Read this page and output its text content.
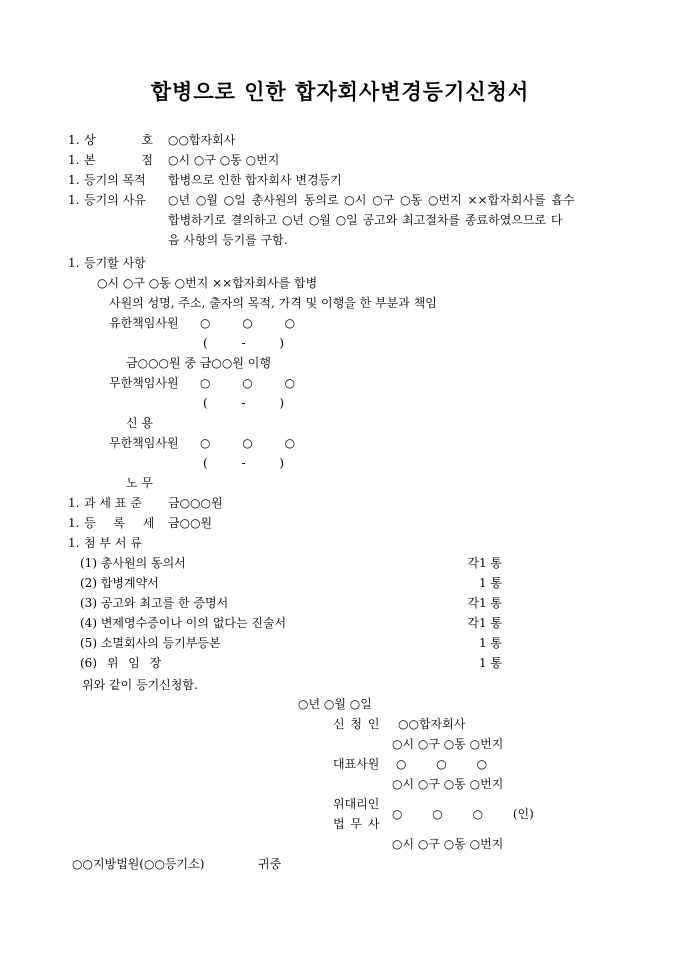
합병으로 인한 합자회사변경등기신청서
1. 상 호 ○○합자회사
1. 본 점 ○시 ○구 ○동 ○번지
1. 등기의 목적 합병으로 인한 합자회사 변경등기
1. 등기의 사유 ○년 ○월 ○일 총사원의 동의로 ○시 ○구 ○동 ○번지 ××합자회사를 흡수
합병하기로 결의하고 ○년 ○월 ○일 공고와 최고절차를 종료하였으므로 다
음 사항의 등기를 구함.
1. 등기할 사항
○시 ○구 ○동 ○번지 ××합자회사를 합병
사원의 성명, 주소, 출자의 목적, 가격 및 이행을 한 부분과 책임
유한책임사원 ○ ○ ○
( - )
금○○○원 중 금○○원 이행
무한책임사원 ○ ○ ○
( - )
신 용
무한책임사원 ○ ○ ○
( - )
노 무
1. 과 세 표 준 금○○○원
1. 등 록 세 금○○원
1. 첨 부 서 류
(1) 총사원의 동의서	각1 통
(2) 합병계약서	1 통
(3) 공고와 최고를 한 증명서	각1 통
(4) 변제영수증이나 이의 없다는 진술서	각1 통
(5) 소멸회사의 등기부등본	1 통
(6) 위 임 장	1 통
위와 같이 등기신청함.
○년 ○월 ○일
신 청 인 ○○합자회사
○시 ○구 ○동 ○번지
대표사원 ○ ○ ○
○시 ○구 ○동 ○번지
위대리인
법 무 사
○ ○ ○ (인)
○시 ○구 ○동 ○번지
○○지방법원(○○등기소)	귀중
